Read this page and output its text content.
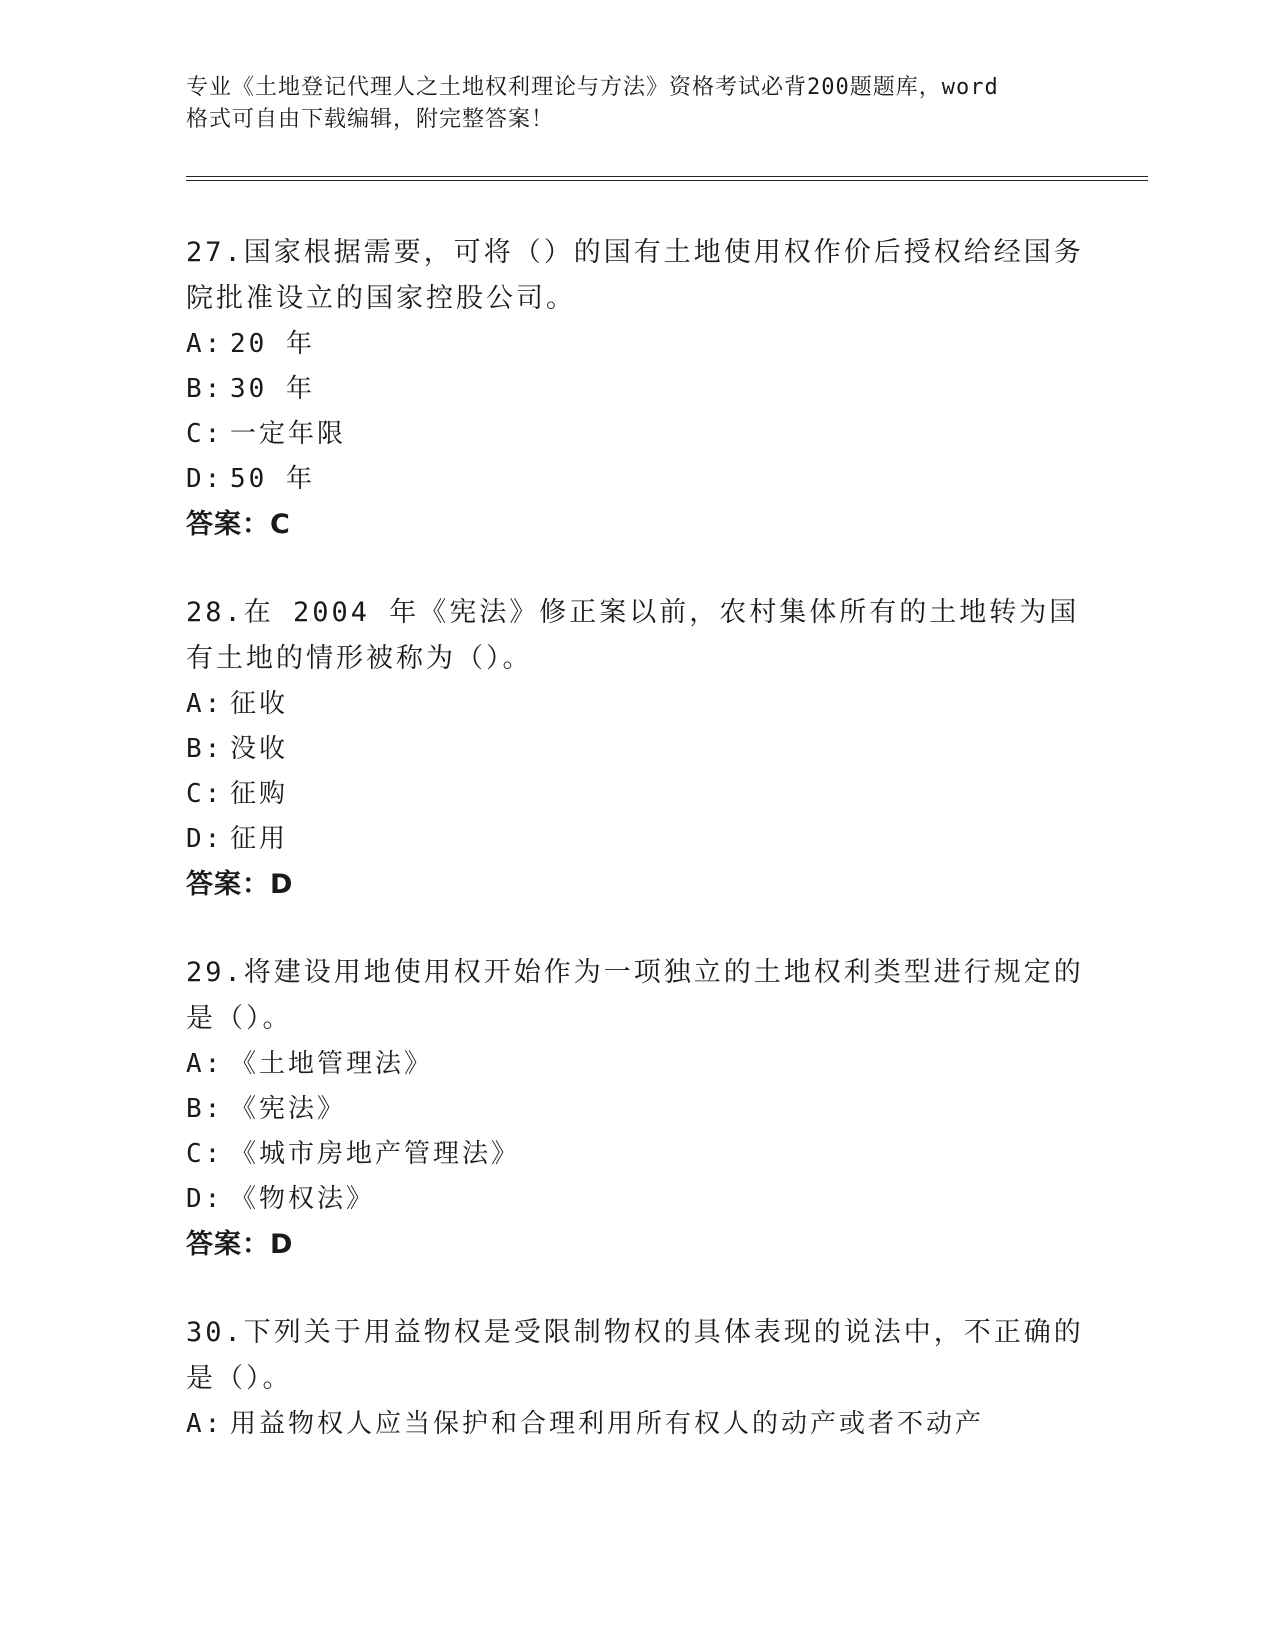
专业《土地登记代理人之土地权利理论与方法》资格考试必背200题题库，word
格式可自由下载编辑，附完整答案！

27.国家根据需要，可将（）的国有土地使用权作价后授权给经国务院批准设立的国家控股公司。

A: 20 年

B: 30 年

C: 一定年限

D: 50 年

答案：C

28.在 2004 年《宪法》修正案以前，农村集体所有的土地转为国有土地的情形被称为（）。

A: 征收

B: 没收

C: 征购

D: 征用

答案：D

29.将建设用地使用权开始作为一项独立的土地权利类型进行规定的是（）。

A: 《土地管理法》

B: 《宪法》

C: 《城市房地产管理法》

D: 《物权法》

答案：D

30.下列关于用益物权是受限制物权的具体表现的说法中，不正确的是（）。

A: 用益物权人应当保护和合理利用所有权人的动产或者不动产
